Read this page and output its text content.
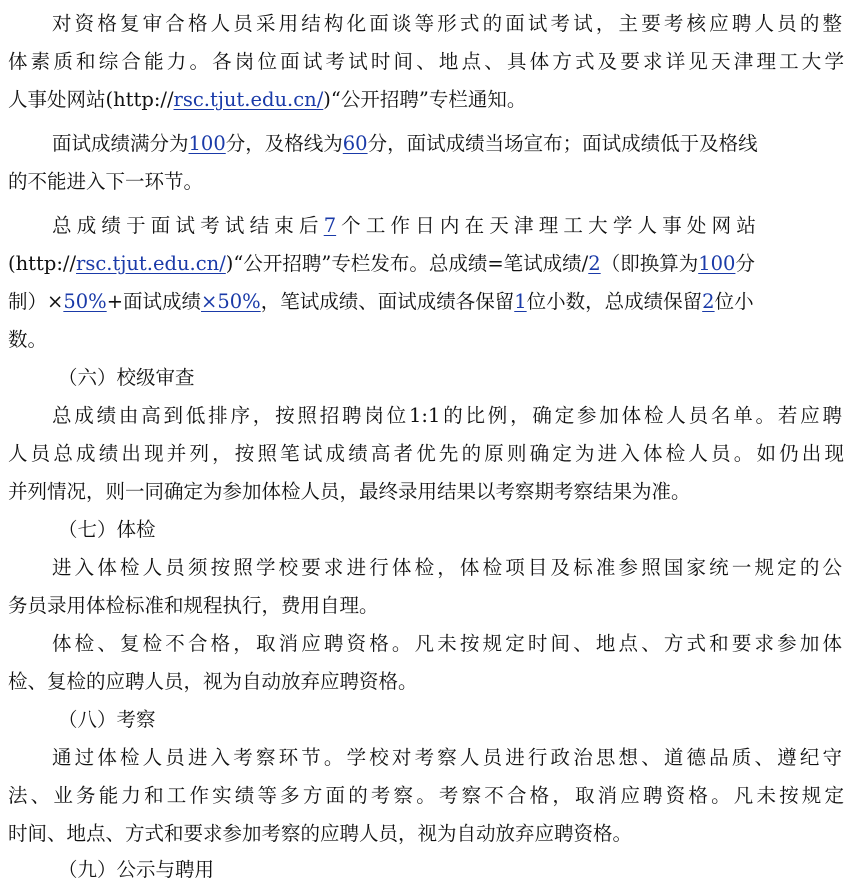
对资格复审合格人员采用结构化面谈等形式的面试考试，主要考核应聘人员的整
体素质和综合能力。各岗位面试考试时间、地点、具体方式及要求详见天津理工大学
人事处网站(http://rsc.tjut.edu.cn/)“公开招聘”专栏通知。
面试成绩满分为100分，及格线为60分，面试成绩当场宣布；面试成绩低于及格线
的不能进入下一环节。
总成绩于面试考试结束后7 个工作日内在天津理工大学人事处网站
(http://rsc.tjut.edu.cn/)“公开招聘”专栏发布。总成绩=笔试成绩/2（即换算为100分
制）×50%+面试成绩×50%，笔试成绩、面试成绩各保留1位小数，总成绩保留2位小
数。
（六）校级审查
总成绩由高到低排序，按照招聘岗位1:1的比例，确定参加体检人员名单。若应聘
人员总成绩出现并列，按照笔试成绩高者优先的原则确定为进入体检人员。如仍出现
并列情况，则一同确定为参加体检人员，最终录用结果以考察期考察结果为准。
（七）体检
进入体检人员须按照学校要求进行体检，体检项目及标准参照国家统一规定的公
务员录用体检标准和规程执行，费用自理。
体检、复检不合格，取消应聘资格。凡未按规定时间、地点、方式和要求参加体
检、复检的应聘人员，视为自动放弃应聘资格。
（八）考察
通过体检人员进入考察环节。学校对考察人员进行政治思想、道德品质、遵纪守
法、业务能力和工作实绩等多方面的考察。考察不合格，取消应聘资格。凡未按规定
时间、地点、方式和要求参加考察的应聘人员，视为自动放弃应聘资格。
（九）公示与聘用
